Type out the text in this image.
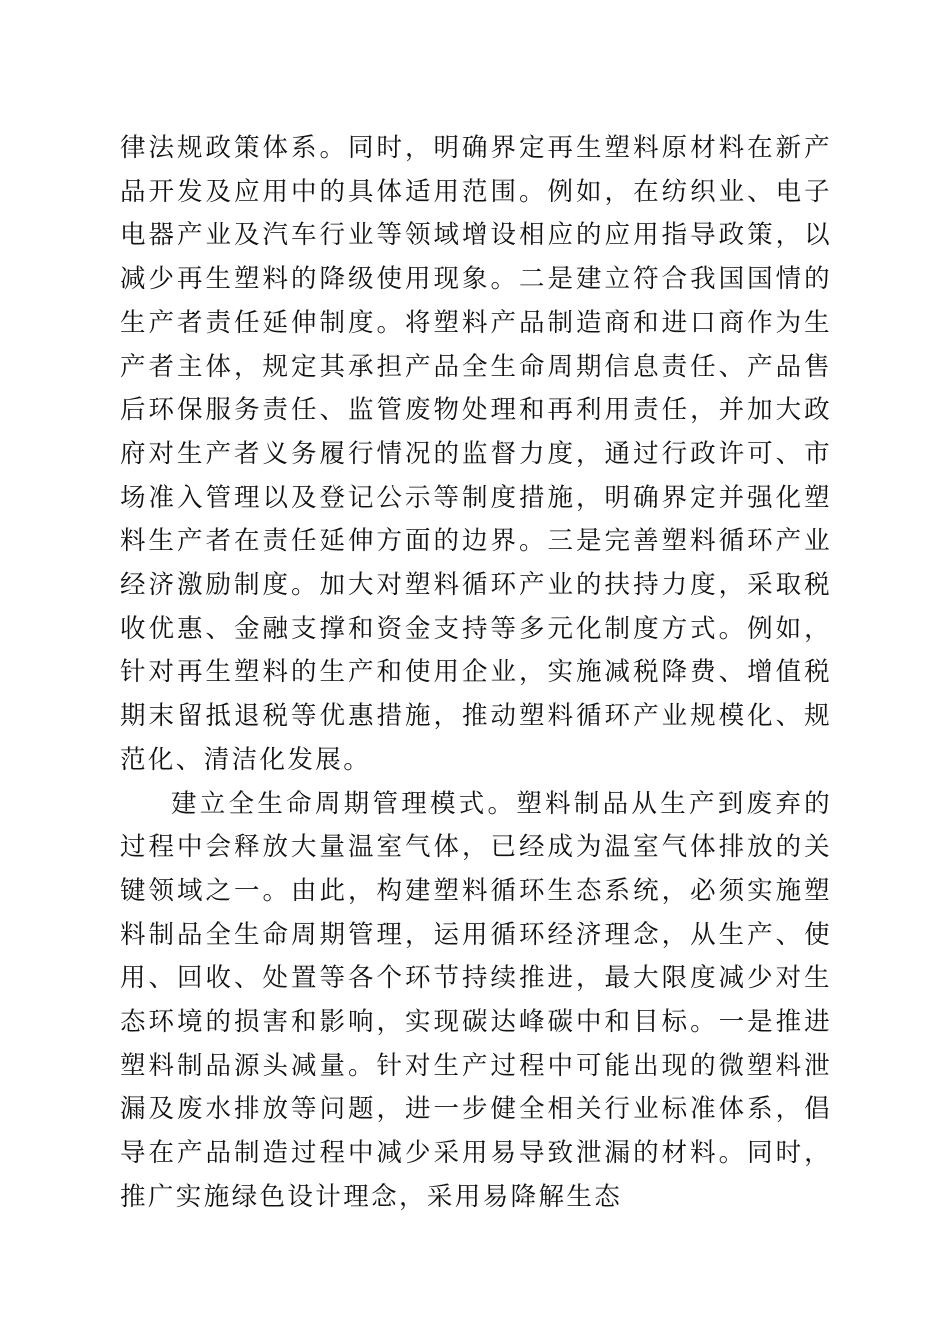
律法规政策体系。同时，明确界定再生塑料原材料在新产品开发及应用中的具体适用范围。例如，在纺织业、电子电器产业及汽车行业等领域增设相应的应用指导政策，以减少再生塑料的降级使用现象。二是建立符合我国国情的生产者责任延伸制度。将塑料产品制造商和进口商作为生产者主体，规定其承担产品全生命周期信息责任、产品售后环保服务责任、监管废物处理和再利用责任，并加大政府对生产者义务履行情况的监督力度，通过行政许可、市场准入管理以及登记公示等制度措施，明确界定并强化塑料生产者在责任延伸方面的边界。三是完善塑料循环产业经济激励制度。加大对塑料循环产业的扶持力度，采取税收优惠、金融支撑和资金支持等多元化制度方式。例如，针对再生塑料的生产和使用企业，实施减税降费、增值税期末留抵退税等优惠措施，推动塑料循环产业规模化、规范化、清洁化发展。

建立全生命周期管理模式。塑料制品从生产到废弃的过程中会释放大量温室气体，已经成为温室气体排放的关键领域之一。由此，构建塑料循环生态系统，必须实施塑料制品全生命周期管理，运用循环经济理念，从生产、使用、回收、处置等各个环节持续推进，最大限度减少对生态环境的损害和影响，实现碳达峰碳中和目标。一是推进塑料制品源头减量。针对生产过程中可能出现的微塑料泄漏及废水排放等问题，进一步健全相关行业标准体系，倡导在产品制造过程中减少采用易导致泄漏的材料。同时，推广实施绿色设计理念，采用易降解生态
